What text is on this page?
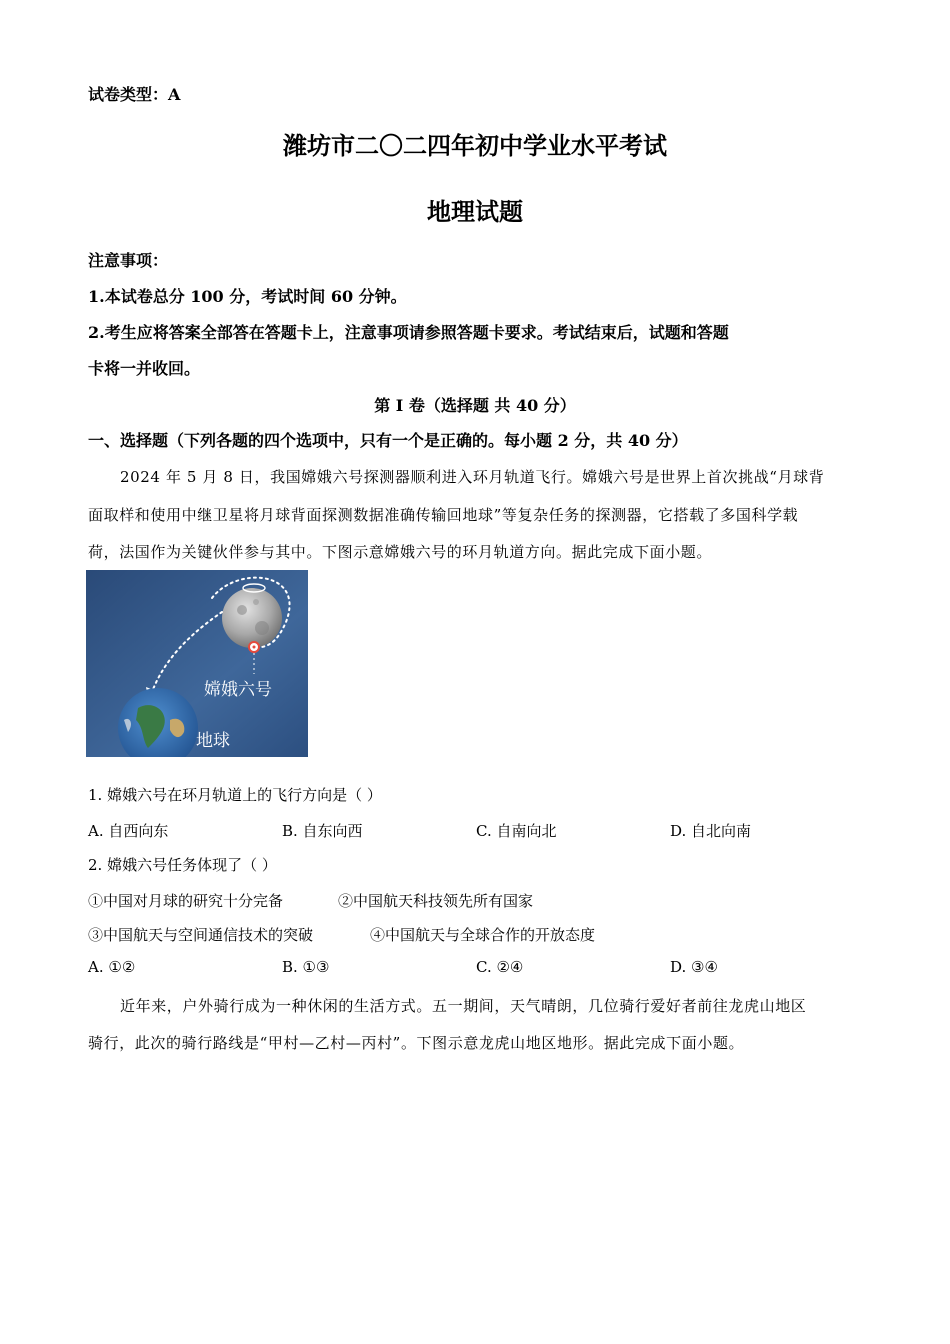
试卷类型：A
潍坊市二〇二四年初中学业水平考试
地理试题
注意事项：
1.本试卷总分 100 分，考试时间 60 分钟。
2.考生应将答案全部答在答题卡上，注意事项请参照答题卡要求。考试结束后，试题和答题
卡将一并收回。
第 I 卷（选择题 共 40 分）
一、选择题（下列各题的四个选项中，只有一个是正确的。每小题 2 分，共 40 分）
2024 年 5 月 8 日，我国嫦娥六号探测器顺利进入环月轨道飞行。嫦娥六号是世界上首次挑战“月球背
面取样和使用中继卫星将月球背面探测数据准确传输回地球”等复杂任务的探测器，它搭载了多国科学载
荷，法国作为关键伙伴参与其中。下图示意嫦娥六号的环月轨道方向。据此完成下面小题。
嫦娥六号
地球
1. 嫦娥六号在环月轨道上的飞行方向是（ ）
A. 自西向东	B. 自东向西	C. 自南向北	D. 自北向南
2. 嫦娥六号任务体现了（ ）
①中国对月球的研究十分完备	②中国航天科技领先所有国家
③中国航天与空间通信技术的突破	④中国航天与全球合作的开放态度
A. ①②	B. ①③	C. ②④	D. ③④
近年来，户外骑行成为一种休闲的生活方式。五一期间，天气晴朗，几位骑行爱好者前往龙虎山地区
骑行，此次的骑行路线是“甲村—乙村—丙村”。下图示意龙虎山地区地形。据此完成下面小题。
